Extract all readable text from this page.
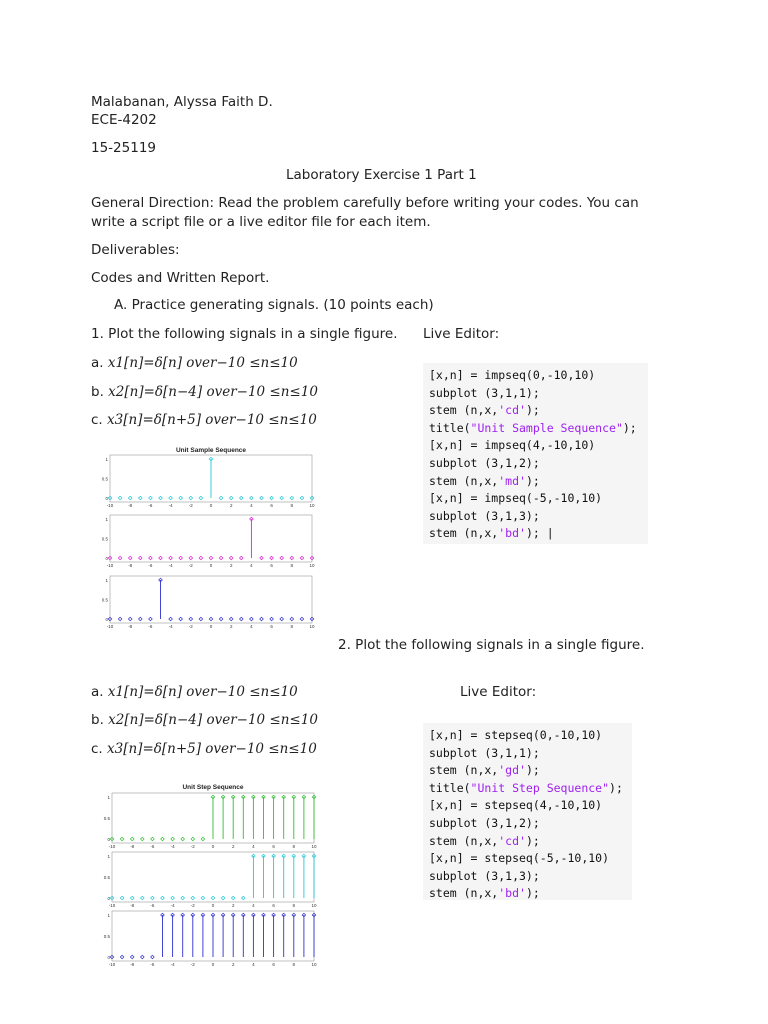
Malabanan, Alyssa Faith D.
ECE-4202
15-25119
Laboratory Exercise 1 Part 1
General Direction: Read the problem carefully before writing your codes. You can
write a script file or a live editor file for each item.
Deliverables:
Codes and Written Report.
A. Practice generating signals. (10 points each)
1. Plot the following signals in a single figure. Live Editor:
a. x1[n]=δ[n] over−10 ≤n≤10
b. x2[n]=δ[n−4] over−10 ≤n≤10
c. x3[n]=δ[n+5] over−10 ≤n≤10
[x,n] = impseq(0,-10,10)
subplot (3,1,1);
stem (n,x,'cd');
title("Unit Sample Sequence");
[x,n] = impseq(4,-10,10)
subplot (3,1,2);
stem (n,x,'md');
[x,n] = impseq(-5,-10,10)
subplot (3,1,3);
stem (n,x,'bd'); |
Unit Sample Sequence
0
0.5
1
-10	-8	-6	-4	-2	0	2	4	6	8	10
0
0.5
1
-10	-8	-6	-4	-2	0	2	4	6	8	10
0
0.5
1
-10	-8	-6	-4	-2	0	2	4	6	8	10
2. Plot the following signals in a single figure.
Live Editor:
a. x1[n]=δ[n] over−10 ≤n≤10
b. x2[n]=δ[n−4] over−10 ≤n≤10
c. x3[n]=δ[n+5] over−10 ≤n≤10
[x,n] = stepseq(0,-10,10)
subplot (3,1,1);
stem (n,x,'gd');
title("Unit Step Sequence");
[x,n] = stepseq(4,-10,10)
subplot (3,1,2);
stem (n,x,'cd');
[x,n] = stepseq(-5,-10,10)
subplot (3,1,3);
stem (n,x,'bd');
Unit Step Sequence
0
0.5
1
-10	-8	-6	-4	-2	0	2	4	6	8	10
0
0.5
1
-10	-8	-6	-4	-2	0	2	4	6	8	10
0
0.5
1
-10	-8	-6	-4	-2	0	2	4	6	8	10
